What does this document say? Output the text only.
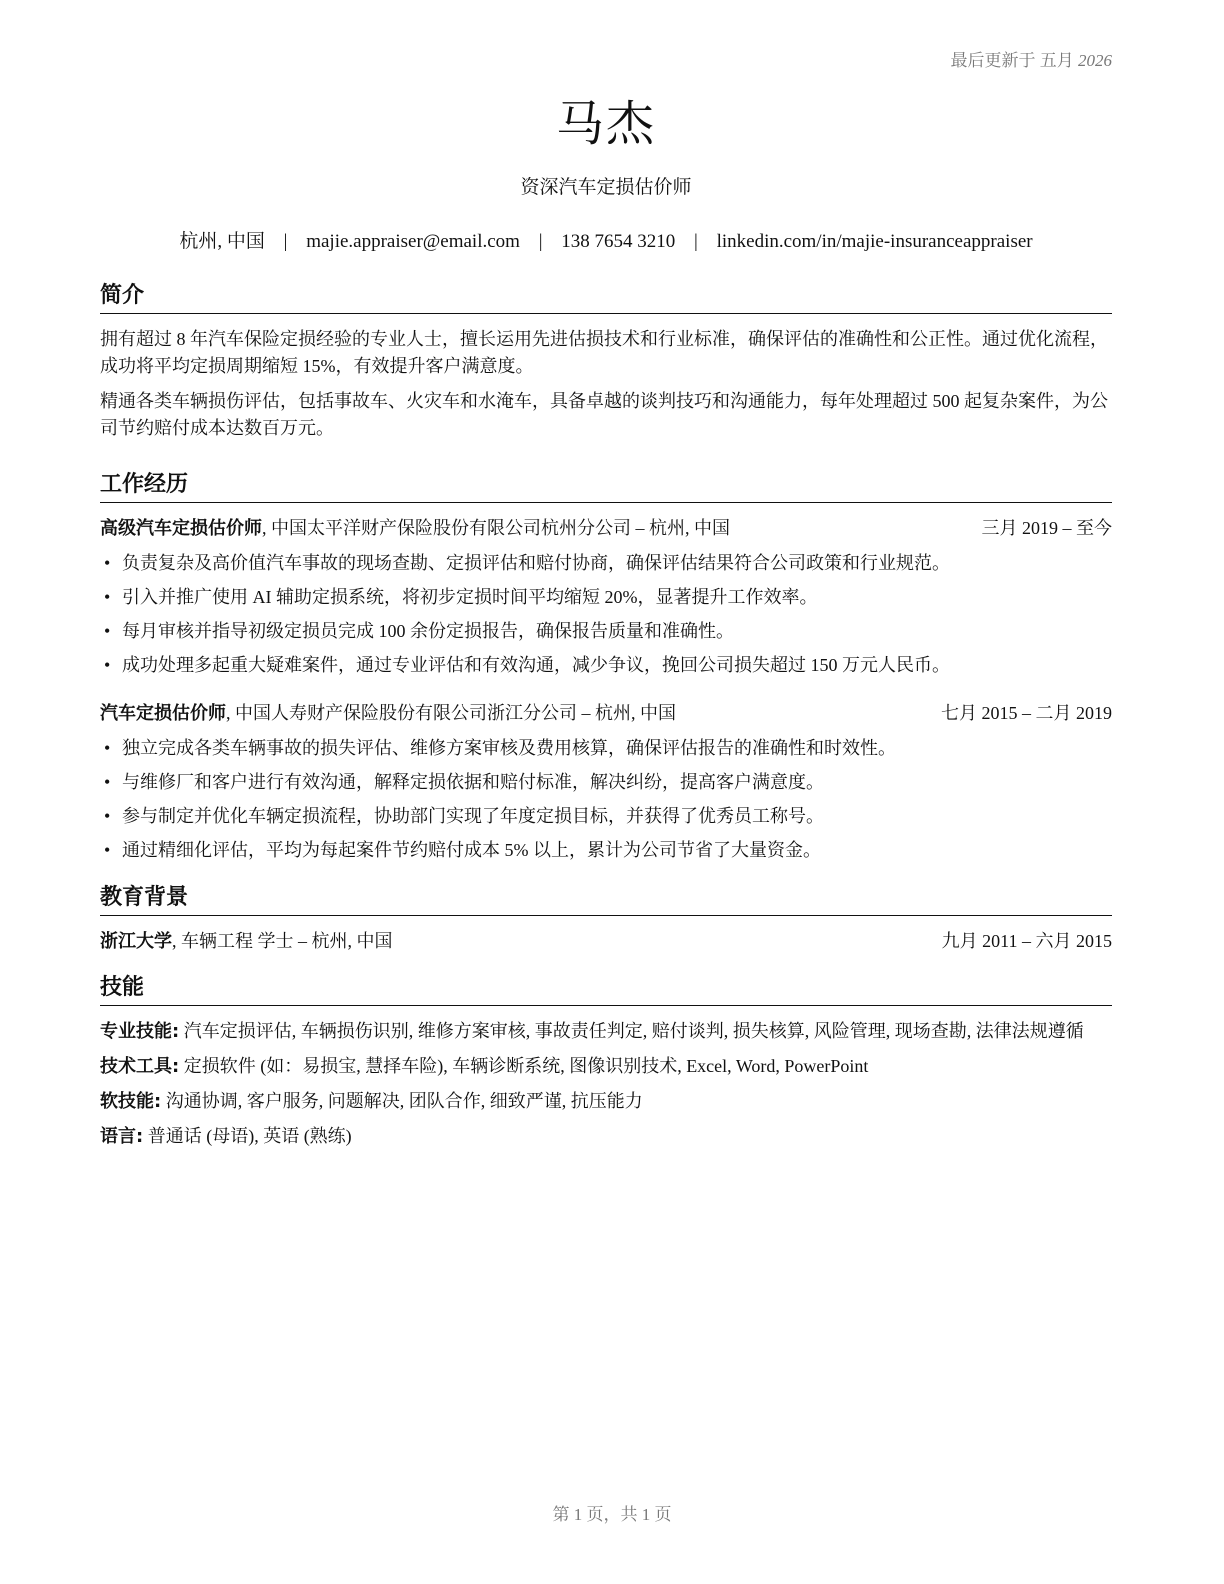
最后更新于 五月 2026
马杰
资深汽车定损估价师
杭州, 中国 | majie.appraiser@email.com | 138 7654 3210 | linkedin.com/in/majie-insuranceappraiser
简介

拥有超过 8 年汽车保险定损经验的专业人士，擅长运用先进估损技术和行业标准，确保评估的准确性和公正性。通过优化流程，成功将平均定损周期缩短 15%，有效提升客户满意度。

精通各类车辆损伤评估，包括事故车、火灾车和水淹车，具备卓越的谈判技巧和沟通能力，每年处理超过 500 起复杂案件，为公司节约赔付成本达数百万元。

工作经历
高级汽车定损估价师, 中国太平洋财产保险股份有限公司杭州分公司 – 杭州, 中国	三月 2019 – 至今
• 负责复杂及高价值汽车事故的现场查勘、定损评估和赔付协商，确保评估结果符合公司政策和行业规范。
• 引入并推广使用 AI 辅助定损系统，将初步定损时间平均缩短 20%，显著提升工作效率。
• 每月审核并指导初级定损员完成 100 余份定损报告，确保报告质量和准确性。
• 成功处理多起重大疑难案件，通过专业评估和有效沟通，减少争议，挽回公司损失超过 150 万元人民币。
汽车定损估价师, 中国人寿财产保险股份有限公司浙江分公司 – 杭州, 中国	七月 2015 – 二月 2019
• 独立完成各类车辆事故的损失评估、维修方案审核及费用核算，确保评估报告的准确性和时效性。
• 与维修厂和客户进行有效沟通，解释定损依据和赔付标准，解决纠纷，提高客户满意度。
• 参与制定并优化车辆定损流程，协助部门实现了年度定损目标，并获得了优秀员工称号。
• 通过精细化评估，平均为每起案件节约赔付成本 5% 以上，累计为公司节省了大量资金。
教育背景
浙江大学, 车辆工程 学士 – 杭州, 中国	九月 2011 – 六月 2015
技能
专业技能: 汽车定损评估, 车辆损伤识别, 维修方案审核, 事故责任判定, 赔付谈判, 损失核算, 风险管理, 现场查勘, 法律法规遵循
技术工具: 定损软件 (如：易损宝, 慧择车险), 车辆诊断系统, 图像识别技术, Excel, Word, PowerPoint
软技能: 沟通协调, 客户服务, 问题解决, 团队合作, 细致严谨, 抗压能力
语言: 普通话 (母语), 英语 (熟练)
第 1 页，共 1 页
